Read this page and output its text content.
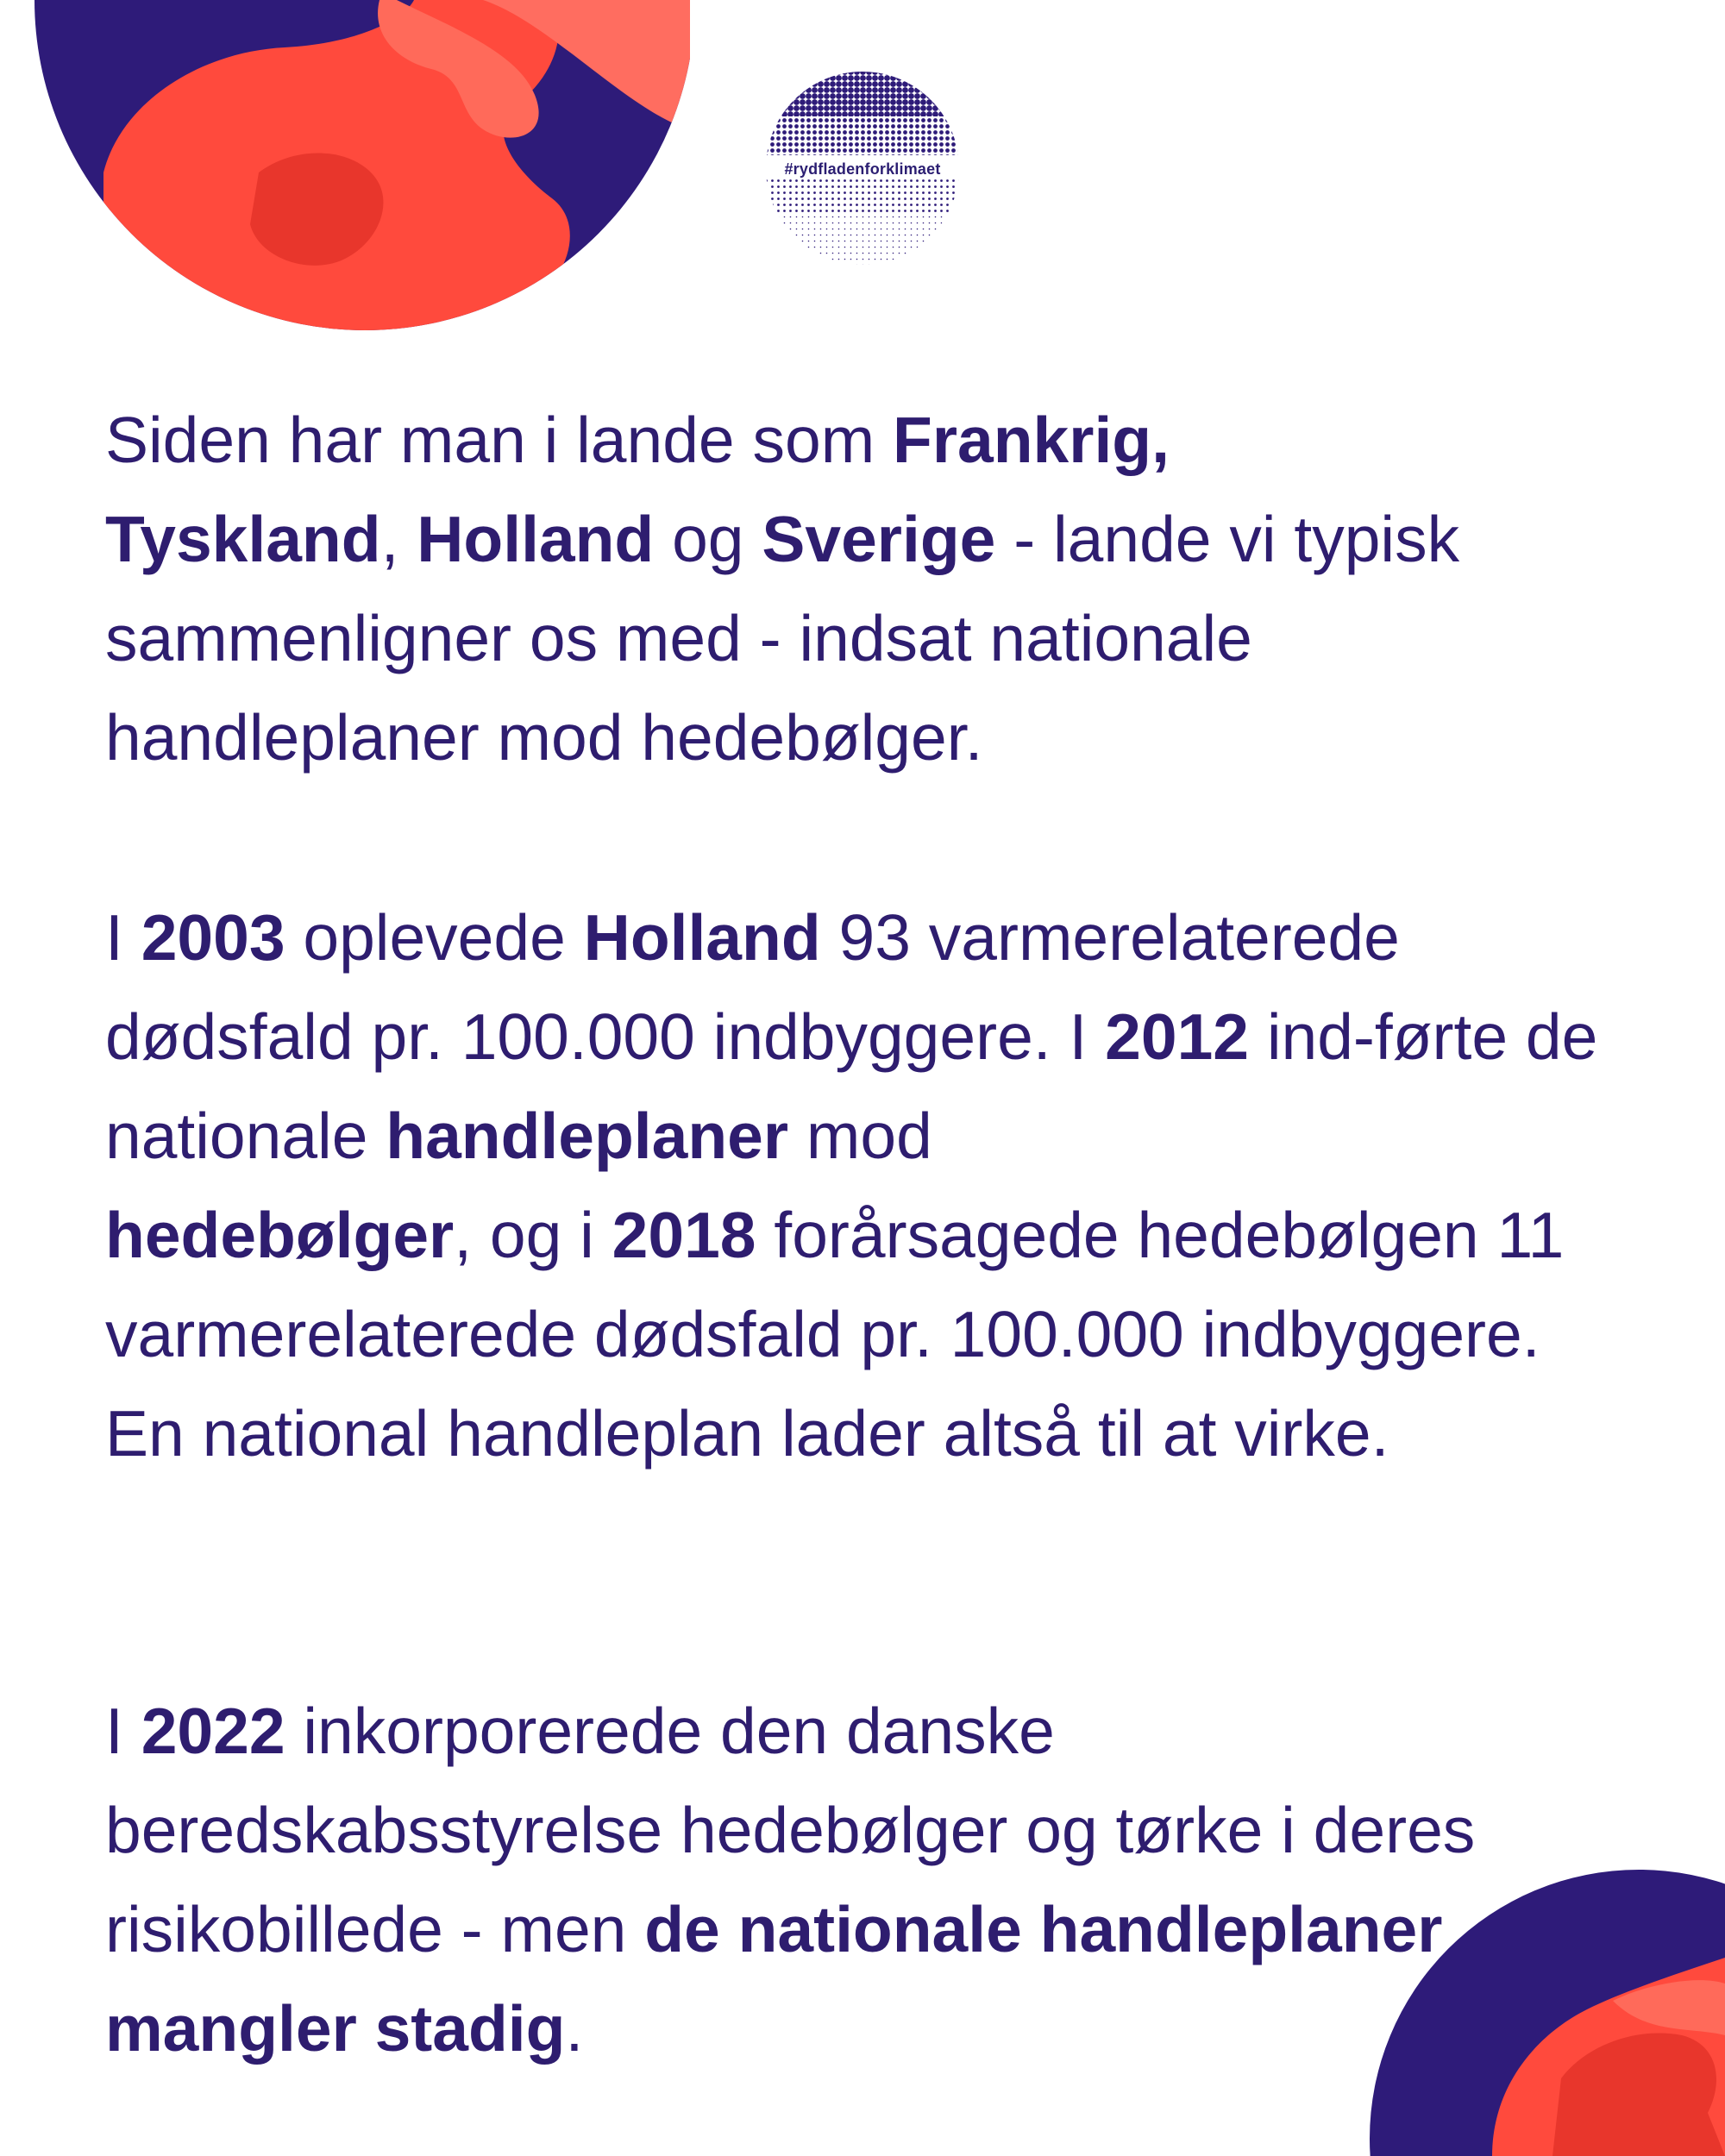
#rydfladenforklimaet
Siden har man i lande som Frankrig,
Tyskland, Holland og Sverige - lande vi typisk sammenligner os med - indsat nationale handleplaner mod hedebølger.
I 2003 oplevede Holland 93 varmerelaterede dødsfald pr. 100.000 indbyggere. I 2012 ind-førte de nationale handleplaner mod
hedebølger, og i 2018 forårsagede hedebølgen 11 varmerelaterede dødsfald pr. 100.000 indbyggere. En national handleplan lader altså til at virke.
I 2022 inkorporerede den danske beredskabsstyrelse hedebølger og tørke i deres risikobillede - men de nationale handleplaner mangler stadig.
